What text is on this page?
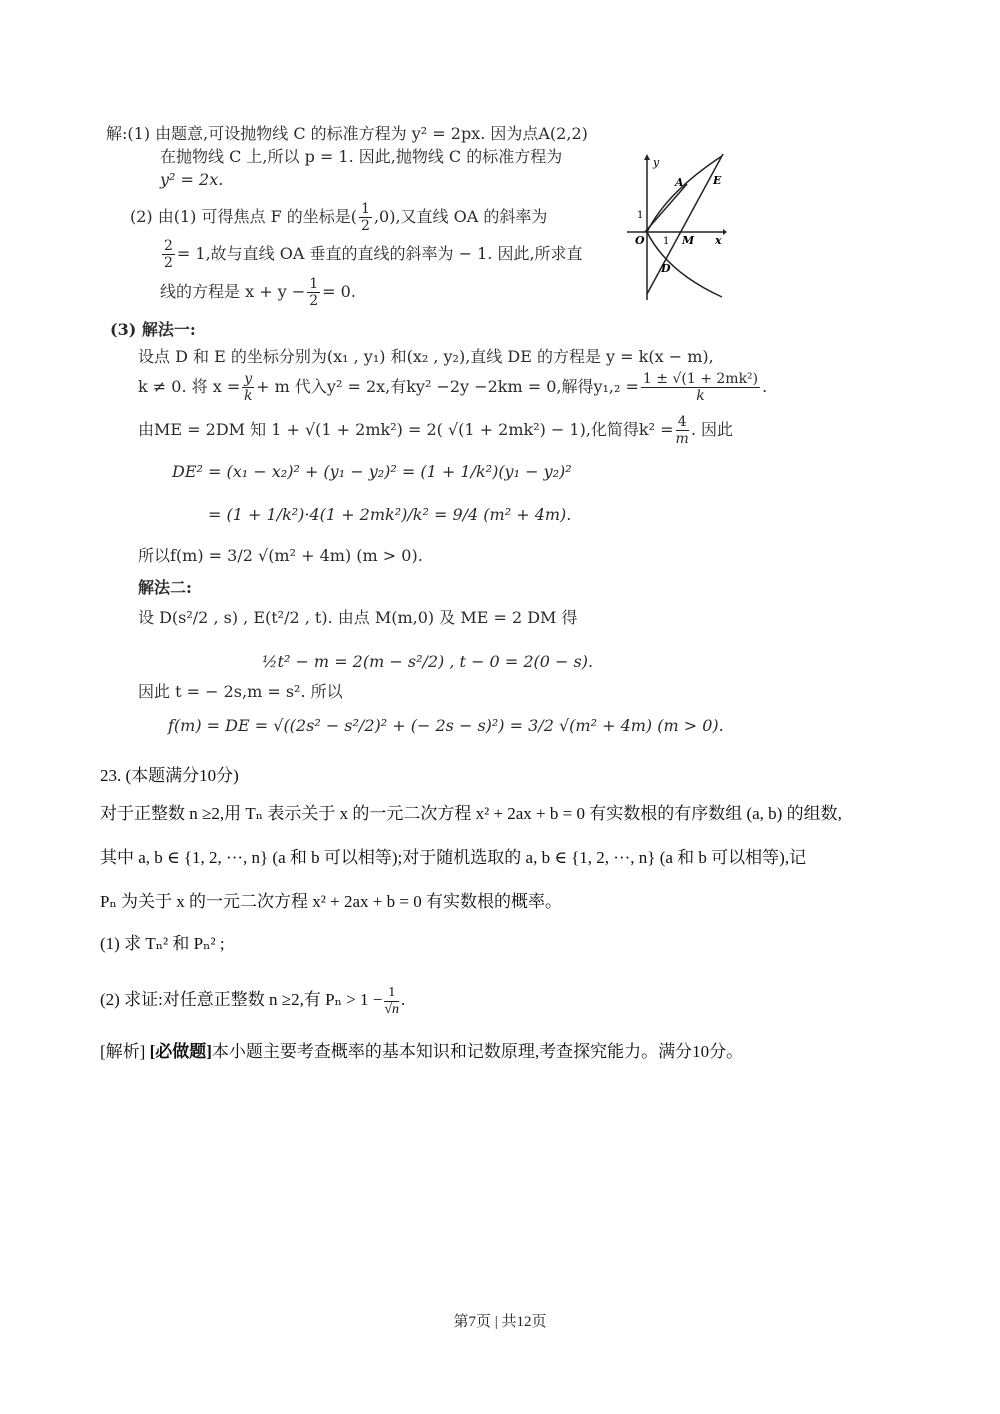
解:(1) 由题意,可设抛物线 C 的标准方程为 y² = 2px. 因为点A(2,2)
在抛物线 C 上,所以 p = 1. 因此,抛物线 C 的标准方程为
y² = 2x.
(2) 由(1) 可得焦点 F 的坐标是( $\frac{1}{2} ,0$),又直线 OA 的斜率为
$\frac{2}{2} = 1$,故与直线 OA 垂直的直线的斜率为 − 1. 因此,所求直
线的方程是 $x + y - \frac{1}{2} = 0$.
y
A	E
1
O 1 M x
D
(3) 解法一:
设点 D 和 E 的坐标分别为(x₁ , y₁) 和(x₂ , y₂),直线 DE 的方程是 y = k(x − m),
k ≠ 0. 将 $x = \frac{y}{k} + m$ 代入y² = 2x,有ky² −2y −2km = 0,解得$y_1,_2 = \frac{\text{1 ± √(1 + 2mk²)}}{k}$ .
由ME = 2DM 知 1 + √(1 + 2mk²) = 2( √(1 + 2mk²) − 1),化简得$k^2 = \frac{4}{m}$ . 因此
DE² = (x₁ − x₂)² + (y₁ − y₂)² = (1 + 1/k²)(y₁ − y₂)²
= (1 + 1/k²)·4(1 + 2mk²)/k² = 9/4 (m² + 4m).
所以f(m) = 3/2 √(m² + 4m) (m > 0).
解法二:
设 D(s²/2 , s) , E(t²/2 , t). 由点 M(m,0) 及 ME = 2 DM 得
½t² − m = 2(m − s²/2) , t − 0 = 2(0 − s).
因此 t = − 2s,m = s². 所以
f(m) = DE = √((2s² − s²/2)² + (− 2s − s)²) = 3/2 √(m² + 4m) (m > 0).
23. (本题满分10分)
对于正整数 n ≥2,用 Tₙ 表示关于 x 的一元二次方程 x² + 2ax + b = 0 有实数根的有序数组 (a, b) 的组数,
其中 a, b ∈ {1, 2, ···, n} (a 和 b 可以相等);对于随机选取的 a, b ∈ {1, 2, ···, n} (a 和 b 可以相等),记
Pₙ 为关于 x 的一元二次方程 x² + 2ax + b = 0 有实数根的概率。
(1) 求 Tₙ² 和 Pₙ² ;
(2) 求证:对任意正整数 n ≥2,有 $P_n > 1 - \frac{1}{√n}$ .
[解析] [必做题]本小题主要考查概率的基本知识和记数原理,考查探究能力。满分10分。
第7页 | 共12页
